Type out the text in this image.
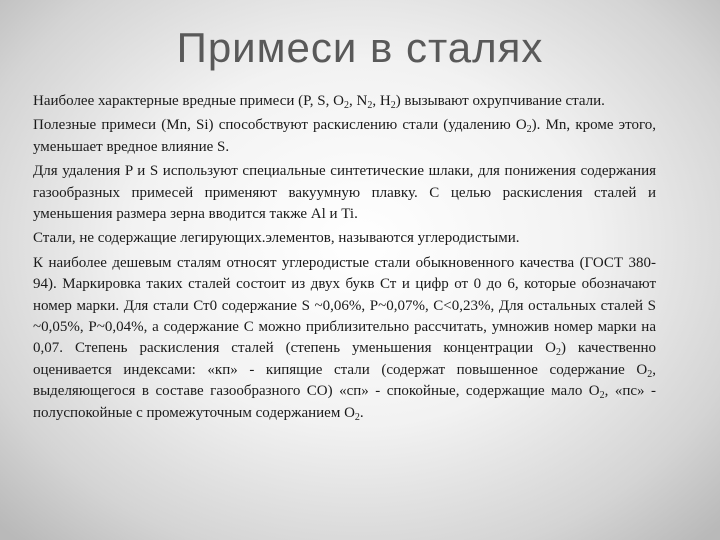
Примеси в сталях

Наиболее характерные вредные примеси (P, S, $O_2$, $N_2$, $H_2$) вызывают охрупчивание стали.

Полезные примеси (Mn, Si) способствуют раскислению стали (удалению $O_2$). Mn, кроме этого, уменьшает вредное влияние S.

Для удаления P и S используют специальные синтетические шлаки, для понижения содержания газообразных примесей применяют вакуумную плавку. С целью раскисления сталей и уменьшения размера зерна вводится также Al и Ti.

Стали, не содержащие легирующих.элементов, называются углеродистыми.

К наиболее дешевым сталям относят углеродистые стали обыкновенного качества (ГОСТ 380-94). Маркировка таких сталей состоит из двух букв Ст и цифр от 0 до 6, которые обозначают номер марки. Для стали Ст0 содержание S ~0,06%, P~0,07%, C<0,23%, Для остальных сталей S ~0,05%, P~0,04%, а содержание С можно приблизительно рассчитать, умножив номер марки на 0,07. Степень раскисления сталей (степень уменьшения концентрации $O_2$) качественно оценивается индексами: «кп» - кипящие стали (содержат повышенное содержание $O_2$, выделяющегося в составе газообразного СО) «сп» - спокойные, содержащие мало $O_2$, «пс» - полуспокойные с промежуточным содержанием $O_2$.
